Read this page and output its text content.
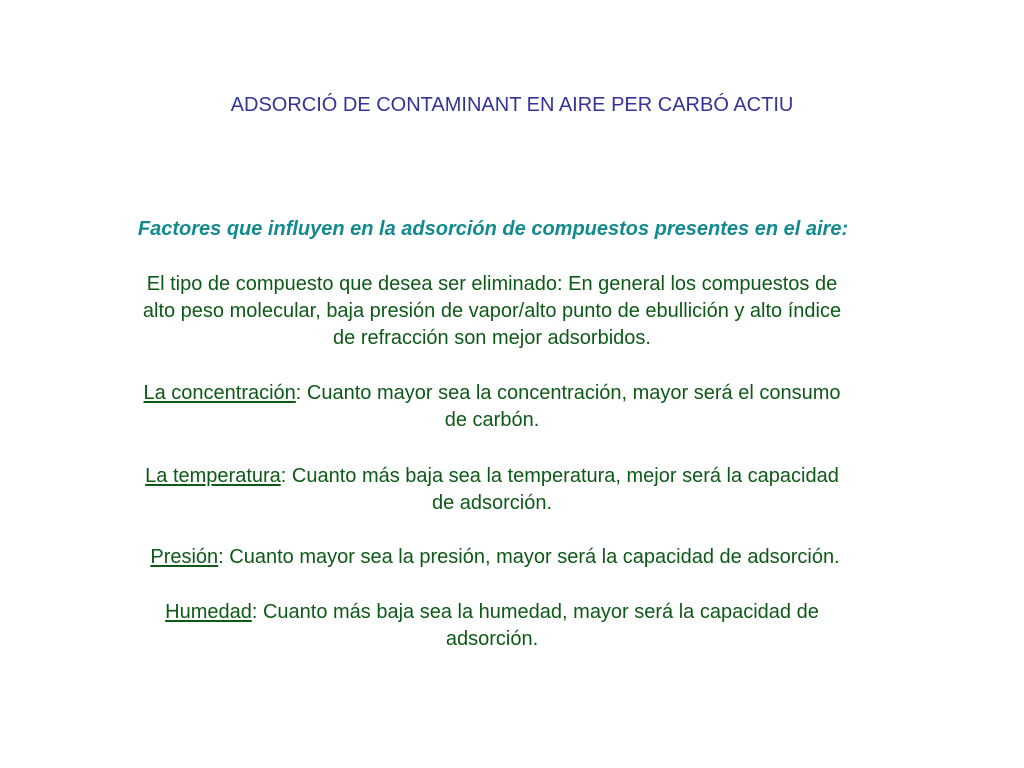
ADSORCIÓ DE CONTAMINANT EN AIRE PER CARBÓ ACTIU
Factores que influyen en la adsorción de compuestos presentes en el aire:
El tipo de compuesto que desea ser eliminado: En general los compuestos de
alto peso molecular, baja presión de vapor/alto punto de ebullición y alto índice
de refracción son mejor adsorbidos.
La concentración: Cuanto mayor sea la concentración, mayor será el consumo
de carbón.
La temperatura: Cuanto más baja sea la temperatura, mejor será la capacidad
de adsorción.
Presión: Cuanto mayor sea la presión, mayor será la capacidad de adsorción.
Humedad: Cuanto más baja sea la humedad, mayor será la capacidad de
adsorción.
